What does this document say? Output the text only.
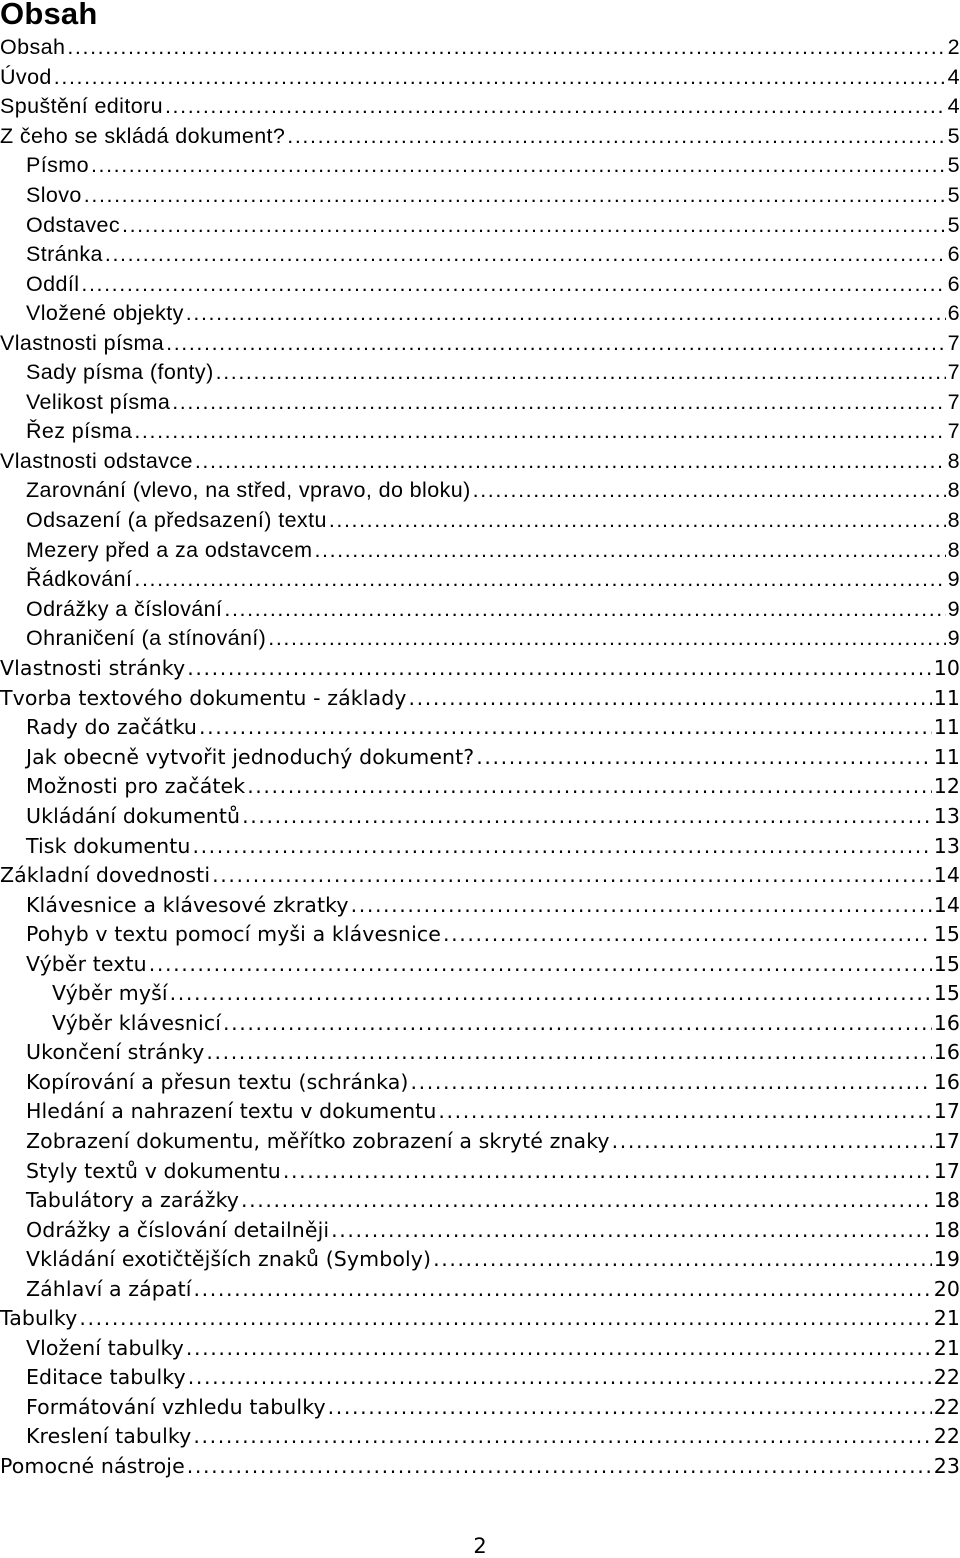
Obsah
Obsah .....	2
Úvod .....	4
Spuštění editoru .....	4
Z čeho se skládá dokument? .....	5
Písmo .....	5
Slovo .....	5
Odstavec .....	5
Stránka .....	6
Oddíl .....	6
Vložené objekty .....	6
Vlastnosti písma .....	7
Sady písma (fonty) .....	7
Velikost písma .....	7
Řez písma .....	7
Vlastnosti odstavce .....	8
Zarovnání (vlevo, na střed, vpravo, do bloku) .....	8
Odsazení (a předsazení) textu .....	8
Mezery před a za odstavcem .....	8
Řádkování .....	9
Odrážky a číslování .....	9
Ohraničení (a stínování) .....	9
Vlastnosti stránky .....	10
Tvorba textového dokumentu - základy .....	11
Rady do začátku .....	11
Jak obecně vytvořit jednoduchý dokument? .....	11
Možnosti pro začátek .....	12
Ukládání dokumentů .....	13
Tisk dokumentu .....	13
Základní dovednosti .....	14
Klávesnice a klávesové zkratky .....	14
Pohyb v textu pomocí myši a klávesnice .....	15
Výběr textu .....	15
Výběr myší .....	15
Výběr klávesnicí .....	16
Ukončení stránky .....	16
Kopírování a přesun textu (schránka) .....	16
Hledání a nahrazení textu v dokumentu .....	17
Zobrazení dokumentu, měřítko zobrazení a skryté znaky .....	17
Styly textů v dokumentu .....	17
Tabulátory a zarážky .....	18
Odrážky a číslování detailněji .....	18
Vkládání exotičtějších znaků (Symboly) .....	19
Záhlaví a zápatí .....	20
Tabulky .....	21
Vložení tabulky .....	21
Editace tabulky .....	22
Formátování vzhledu tabulky .....	22
Kreslení tabulky .....	22
Pomocné nástroje .....	23
2
